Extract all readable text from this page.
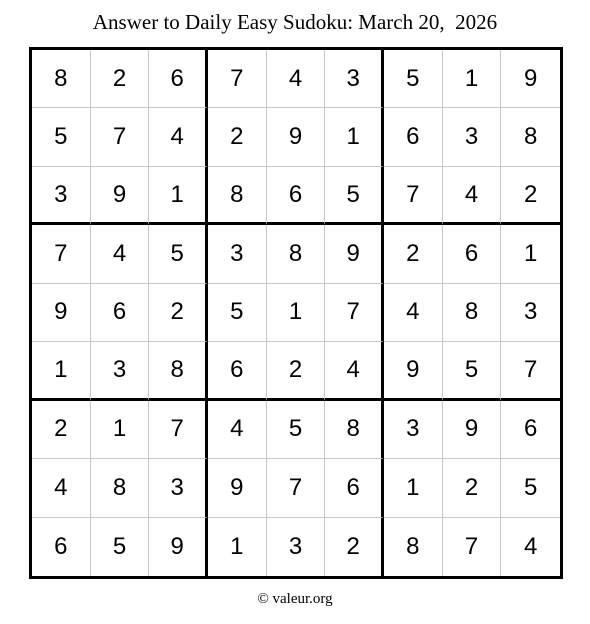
Answer to Daily Easy Sudoku: March 20,  2026
8	2	6	7	4	3	5	1	9
5	7	4	2	9	1	6	3	8
3	9	1	8	6	5	7	4	2
7	4	5	3	8	9	2	6	1
9	6	2	5	1	7	4	8	3
1	3	8	6	2	4	9	5	7
2	1	7	4	5	8	3	9	6
4	8	3	9	7	6	1	2	5
6	5	9	1	3	2	8	7	4
© valeur.org
